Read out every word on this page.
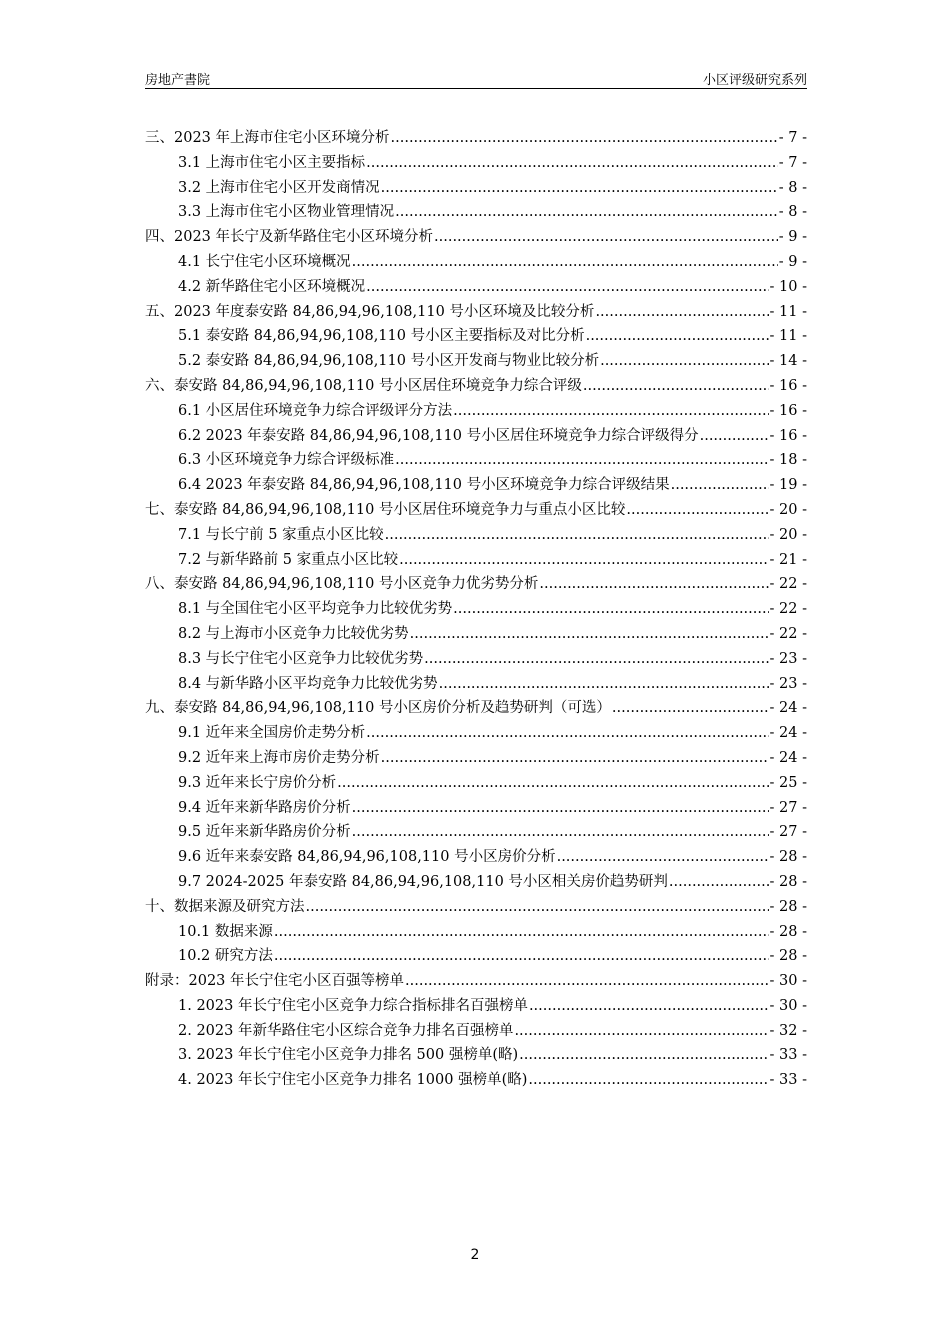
房地产書院	小区评级研究系列
三、2023 年上海市住宅小区环境分析 .....	- 7 -
3.1 上海市住宅小区主要指标 .....	- 7 -
3.2 上海市住宅小区开发商情况 .....	- 8 -
3.3 上海市住宅小区物业管理情况 .....	- 8 -
四、2023 年长宁及新华路住宅小区环境分析 .....	- 9 -
4.1 长宁住宅小区环境概况 .....	- 9 -
4.2 新华路住宅小区环境概况 .....	- 10 -
五、2023 年度泰安路 84,86,94,96,108,110 号小区环境及比较分析 .....	- 11 -
5.1 泰安路 84,86,94,96,108,110 号小区主要指标及对比分析 .....	- 11 -
5.2 泰安路 84,86,94,96,108,110 号小区开发商与物业比较分析 .....	- 14 -
六、泰安路 84,86,94,96,108,110 号小区居住环境竞争力综合评级 .....	- 16 -
6.1 小区居住环境竞争力综合评级评分方法 .....	- 16 -
6.2 2023 年泰安路 84,86,94,96,108,110 号小区居住环境竞争力综合评级得分 .....	- 16 -
6.3 小区环境竞争力综合评级标准 .....	- 18 -
6.4 2023 年泰安路 84,86,94,96,108,110 号小区环境竞争力综合评级结果 .....	- 19 -
七、泰安路 84,86,94,96,108,110 号小区居住环境竞争力与重点小区比较 .....	- 20 -
7.1 与长宁前 5 家重点小区比较 .....	- 20 -
7.2 与新华路前 5 家重点小区比较 .....	- 21 -
八、泰安路 84,86,94,96,108,110 号小区竞争力优劣势分析 .....	- 22 -
8.1 与全国住宅小区平均竞争力比较优劣势 .....	- 22 -
8.2 与上海市小区竞争力比较优劣势 .....	- 22 -
8.3 与长宁住宅小区竞争力比较优劣势 .....	- 23 -
8.4 与新华路小区平均竞争力比较优劣势 .....	- 23 -
九、泰安路 84,86,94,96,108,110 号小区房价分析及趋势研判（可选） .....	- 24 -
9.1 近年来全国房价走势分析 .....	- 24 -
9.2 近年来上海市房价走势分析 .....	- 24 -
9.3 近年来长宁房价分析 .....	- 25 -
9.4 近年来新华路房价分析 .....	- 27 -
9.5 近年来新华路房价分析 .....	- 27 -
9.6 近年来泰安路 84,86,94,96,108,110 号小区房价分析 .....	- 28 -
9.7 2024-2025 年泰安路 84,86,94,96,108,110 号小区相关房价趋势研判 .....	- 28 -
十、数据来源及研究方法 .....	- 28 -
10.1 数据来源 .....	- 28 -
10.2 研究方法 .....	- 28 -
附录：2023 年长宁住宅小区百强等榜单 .....	- 30 -
1. 2023 年长宁住宅小区竞争力综合指标排名百强榜单 .....	- 30 -
2. 2023 年新华路住宅小区综合竞争力排名百强榜单 .....	- 32 -
3. 2023 年长宁住宅小区竞争力排名 500 强榜单(略) .....	- 33 -
4. 2023 年长宁住宅小区竞争力排名 1000 强榜单(略) .....	- 33 -
2
